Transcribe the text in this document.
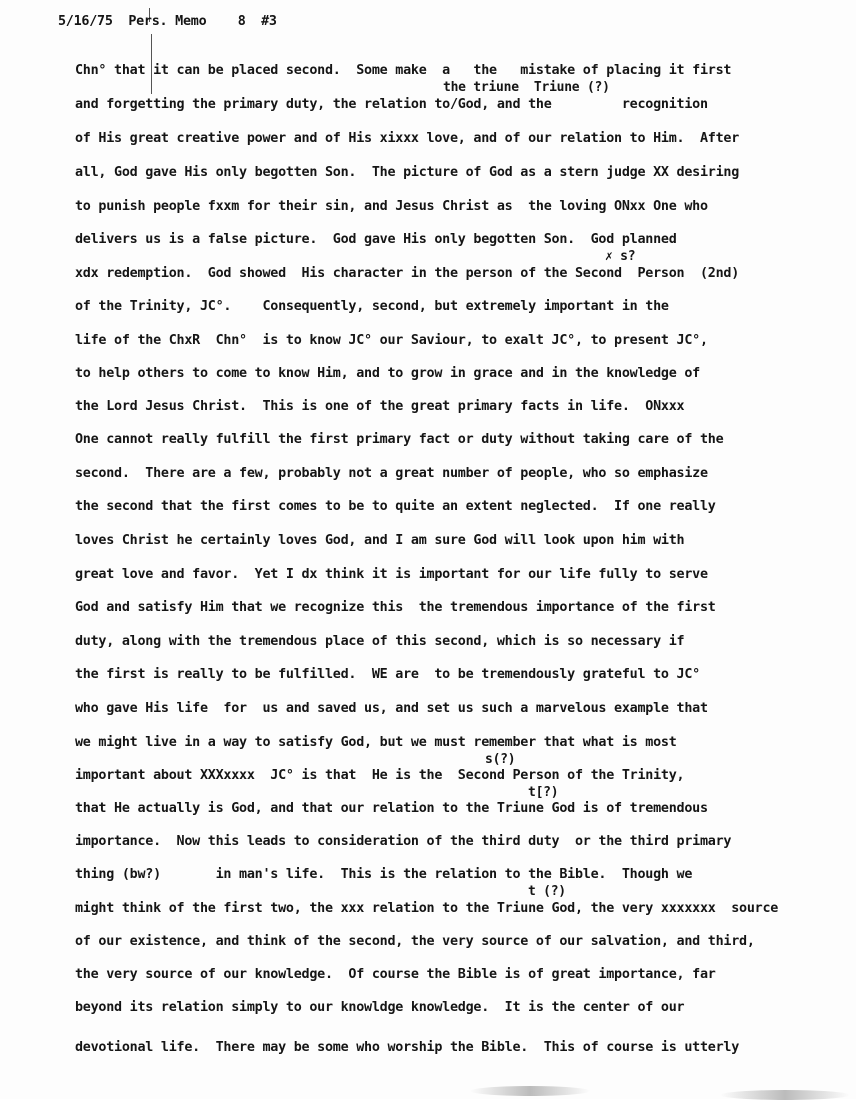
5/16/75 Pers. Memo 8 #3
Chn° that it can be placed second.  Some make  a   the   mistake of placing it first
the triune  Triune (?)
and forgetting the primary duty, the relation to/God, and the         recognition
of His great creative power and of His xixxx love, and of our relation to Him.  After
all, God gave His only begotten Son.  The picture of God as a stern judge XX desiring
to punish people fxxm for their sin, and Jesus Christ as  the loving ONxx One who
delivers us is a false picture.  God gave His only begotten Son.  God planned
✗ s?
xdx redemption.  God showed  His character in the person of the Second  Person  (2nd)
of the Trinity, JC°.    Consequently, second, but extremely important in the
life of the ChxR  Chn°  is to know JC° our Saviour, to exalt JC°, to present JC°,
to help others to come to know Him, and to grow in grace and in the knowledge of
the Lord Jesus Christ.  This is one of the great primary facts in life.  ONxxx
One cannot really fulfill the first primary fact or duty without taking care of the
second.  There are a few, probably not a great number of people, who so emphasize
the second that the first comes to be to quite an extent neglected.  If one really
loves Christ he certainly loves God, and I am sure God will look upon him with
great love and favor.  Yet I dx think it is important for our life fully to serve
God and satisfy Him that we recognize this  the tremendous importance of the first
duty, along with the tremendous place of this second, which is so necessary if
the first is really to be fulfilled.  WE are  to be tremendously grateful to JC°
who gave His life  for  us and saved us, and set us such a marvelous example that
we might live in a way to satisfy God, but we must remember that what is most
s(?)
important about XXXxxxx  JC° is that  He is the  Second Person of the Trinity,
t[?)
that He actually is God, and that our relation to the Triune God is of tremendous
importance.  Now this leads to consideration of the third duty  or the third primary
thing (bw?)       in man's life.  This is the relation to the Bible.  Though we
t (?)
might think of the first two, the xxx relation to the Triune God, the very xxxxxxx  source
of our existence, and think of the second, the very source of our salvation, and third,
the very source of our knowledge.  Of course the Bible is of great importance, far
beyond its relation simply to our knowldge knowledge.  It is the center of our
devotional life.  There may be some who worship the Bible.  This of course is utterly
